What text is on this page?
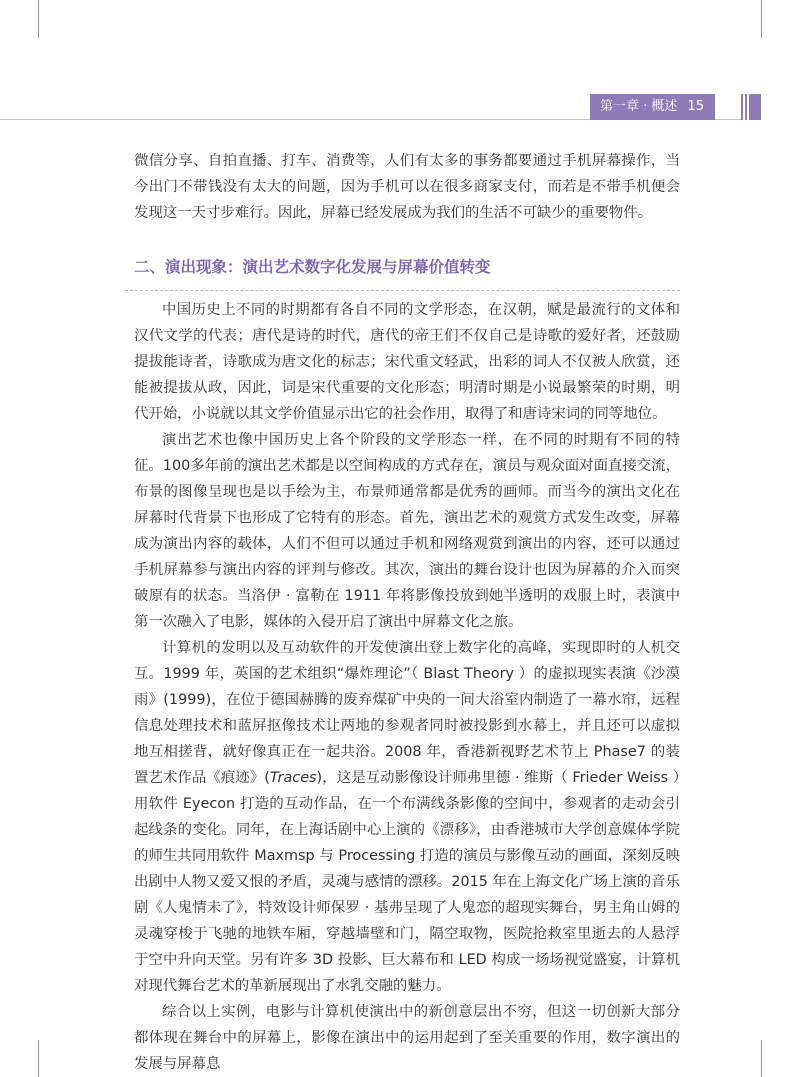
第一章 · 概述 15

微信分享、自拍直播、打车、消费等，人们有太多的事务都要通过手机屏幕操作，当今出门不带钱没有太大的问题，因为手机可以在很多商家支付，而若是不带手机便会发现这一天寸步难行。因此，屏幕已经发展成为我们的生活不可缺少的重要物件。

二、演出现象：演出艺术数字化发展与屏幕价值转变

中国历史上不同的时期都有各自不同的文学形态，在汉朝，赋是最流行的文体和汉代文学的代表；唐代是诗的时代，唐代的帝王们不仅自己是诗歌的爱好者，还鼓励提拔能诗者，诗歌成为唐文化的标志；宋代重文轻武，出彩的词人不仅被人欣赏，还能被提拔从政，因此，词是宋代重要的文化形态；明清时期是小说最繁荣的时期，明代开始，小说就以其文学价值显示出它的社会作用，取得了和唐诗宋词的同等地位。

演出艺术也像中国历史上各个阶段的文学形态一样，在不同的时期有不同的特征。100多年前的演出艺术都是以空间构成的方式存在，演员与观众面对面直接交流，布景的图像呈现也是以手绘为主，布景师通常都是优秀的画师。而当今的演出文化在屏幕时代背景下也形成了它特有的形态。首先，演出艺术的观赏方式发生改变，屏幕成为演出内容的载体，人们不但可以通过手机和网络观赏到演出的内容，还可以通过手机屏幕参与演出内容的评判与修改。其次，演出的舞台设计也因为屏幕的介入而突破原有的状态。当洛伊 · 富勒在 1911 年将影像投放到她半透明的戏服上时，表演中第一次融入了电影，媒体的入侵开启了演出中屏幕文化之旅。

计算机的发明以及互动软件的开发使演出登上数字化的高峰，实现即时的人机交互。1999 年，英国的艺术组织“爆炸理论”（ Blast Theory ）的虚拟现实表演《沙漠雨》(1999)，在位于德国赫腾的废弃煤矿中央的一间大浴室内制造了一幕水帘，远程信息处理技术和蓝屏抠像技术让两地的参观者同时被投影到水幕上，并且还可以虚拟地互相搓背，就好像真正在一起共浴。2008 年，香港新视野艺术节上 Phase7 的装置艺术作品《痕迹》(Traces)，这是互动影像设计师弗里德 · 维斯（ Frieder Weiss ）用软件 Eyecon 打造的互动作品，在一个布满线条影像的空间中，参观者的走动会引起线条的变化。同年，在上海话剧中心上演的《漂移》，由香港城市大学创意媒体学院的师生共同用软件 Maxmsp 与 Processing 打造的演员与影像互动的画面，深刻反映出剧中人物又爱又恨的矛盾，灵魂与感情的漂移。2015 年在上海文化广场上演的音乐剧《人鬼情未了》，特效设计师保罗 · 基弗呈现了人鬼恋的超现实舞台，男主角山姆的灵魂穿梭于飞驰的地铁车厢，穿越墙壁和门，隔空取物，医院抢救室里逝去的人悬浮于空中升向天堂。另有许多 3D 投影、巨大幕布和 LED 构成一场场视觉盛宴，计算机对现代舞台艺术的革新展现出了水乳交融的魅力。

综合以上实例，电影与计算机使演出中的新创意层出不穷，但这一切创新大部分都体现在舞台中的屏幕上，影像在演出中的运用起到了至关重要的作用，数字演出的发展与屏幕息
